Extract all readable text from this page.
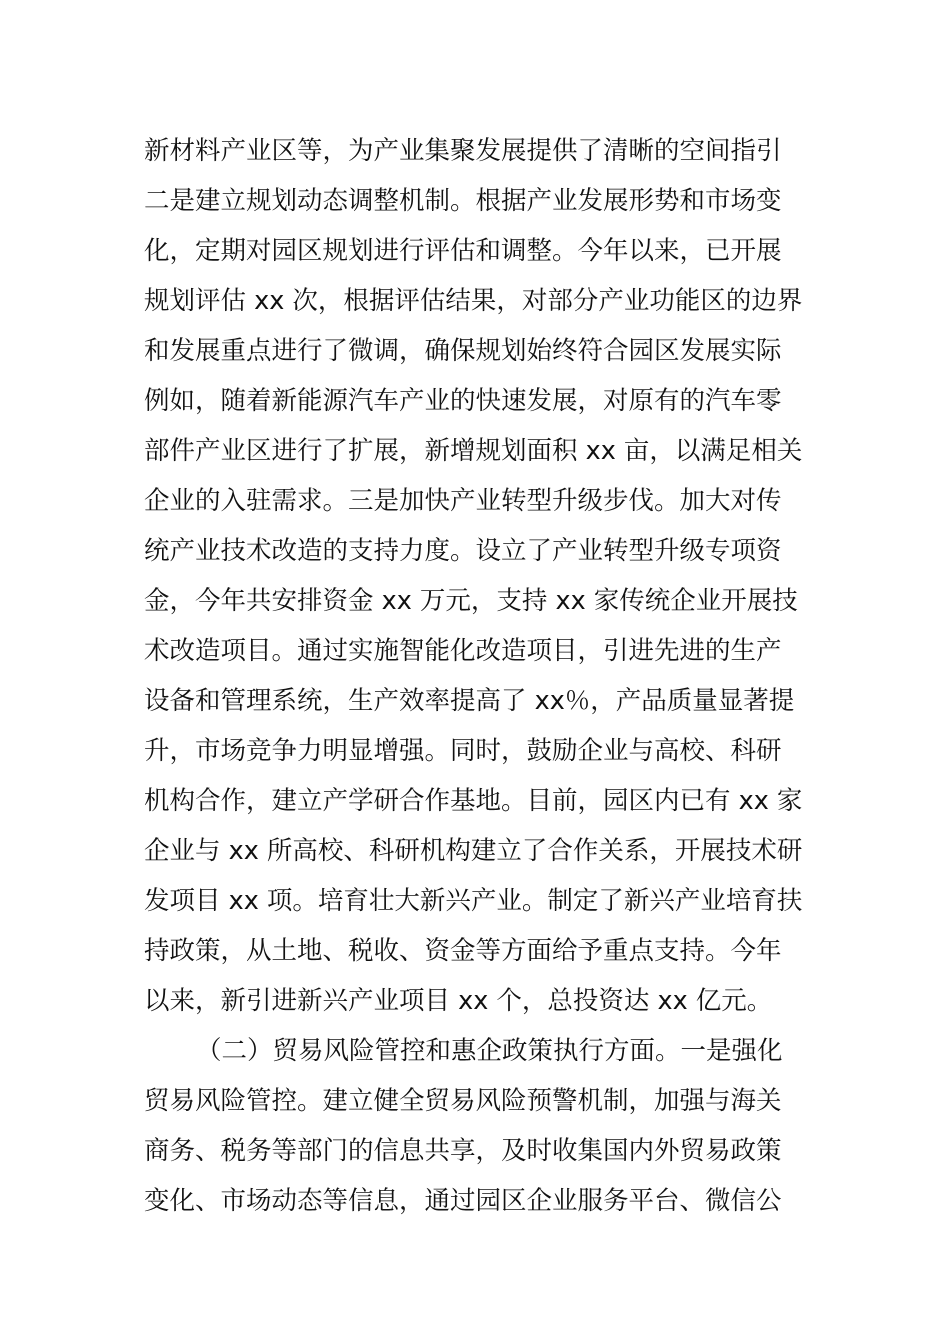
新材料产业区等，为产业集聚发展提供了清晰的空间指引
二是建立规划动态调整机制。根据产业发展形势和市场变
化，定期对园区规划进行评估和调整。今年以来，已开展
规划评估 xx 次，根据评估结果，对部分产业功能区的边界
和发展重点进行了微调，确保规划始终符合园区发展实际
例如，随着新能源汽车产业的快速发展，对原有的汽车零
部件产业区进行了扩展，新增规划面积 xx 亩，以满足相关
企业的入驻需求。三是加快产业转型升级步伐。加大对传
统产业技术改造的支持力度。设立了产业转型升级专项资
金，今年共安排资金 xx 万元，支持 xx 家传统企业开展技
术改造项目。通过实施智能化改造项目，引进先进的生产
设备和管理系统，生产效率提高了 xx％，产品质量显著提
升，市场竞争力明显增强。同时，鼓励企业与高校、科研
机构合作，建立产学研合作基地。目前，园区内已有 xx 家
企业与 xx 所高校、科研机构建立了合作关系，开展技术研
发项目 xx 项。培育壮大新兴产业。制定了新兴产业培育扶
持政策，从土地、税收、资金等方面给予重点支持。今年
以来，新引进新兴产业项目 xx 个，总投资达 xx 亿元。
（二）贸易风险管控和惠企政策执行方面。一是强化
贸易风险管控。建立健全贸易风险预警机制，加强与海关
商务、税务等部门的信息共享，及时收集国内外贸易政策
变化、市场动态等信息，通过园区企业服务平台、微信公
